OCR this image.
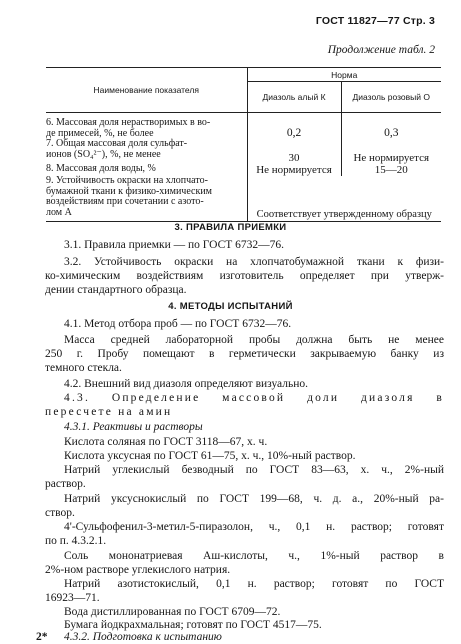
ГОСТ 11827—77 Стр. 3
Продолжение табл. 2
Наименование показателя	Норма	
	Диазоль алый К	Диазоль розовый О

6. Массовая доля нерастворимых в во-
де примесей, %, не более	0,2	0,3

7. Общая массовая доля сульфат-
ионов (SO₄²⁻), %, не менее	30	Не нормируется
8. Массовая доля воды, %	Не нормируется	15—20

9. Устойчивость окраски на хлопчато-
бумажной ткани к физико-химическим
воздействиям при сочетании с азото-
лом А	Соответствует утвержденному образцу	
3. ПРАВИЛА ПРИЕМКИ
3.1. Правила приемки — по ГОСТ 6732—76.
3.2. Устойчивость окраски на хлопчатобумажной ткани к физи-
ко-химическим воздействиям изготовитель определяет при утверж-
дении стандартного образца.
4. МЕТОДЫ ИСПЫТАНИЙ
4.1. Метод отбора проб — по ГОСТ 6732—76.
Масса средней лабораторной пробы должна быть не менее
250 г. Пробу помещают в герметически закрываемую банку из
темного стекла.
4.2. Внешний вид диазоля определяют визуально.
4.3. Определение массовой доли диазоля в
пересчете на амин
4.3.1. Реактивы и растворы
Кислота соляная по ГОСТ 3118—67, х. ч.
Кислота уксусная по ГОСТ 61—75, х. ч., 10%-ный раствор.
Натрий углекислый безводный по ГОСТ 83—63, х. ч., 2%-ный
раствор.
Натрий уксуснокислый по ГОСТ 199—68, ч. д. а., 20%-ный ра-
створ.
4'-Сульфофенил-3-метил-5-пиразолон, ч., 0,1 н. раствор; готовят
по п. 4.3.2.1.
Соль мононатриевая Аш-кислоты, ч., 1%-ный раствор в
2%-ном растворе углекислого натрия.
Натрий азотистокислый, 0,1 н. раствор; готовят по ГОСТ
16923—71.
Вода дистиллированная по ГОСТ 6709—72.
Бумага йодкрахмальная; готовят по ГОСТ 4517—75.
4.3.2. Подготовка к испытанию
2*
